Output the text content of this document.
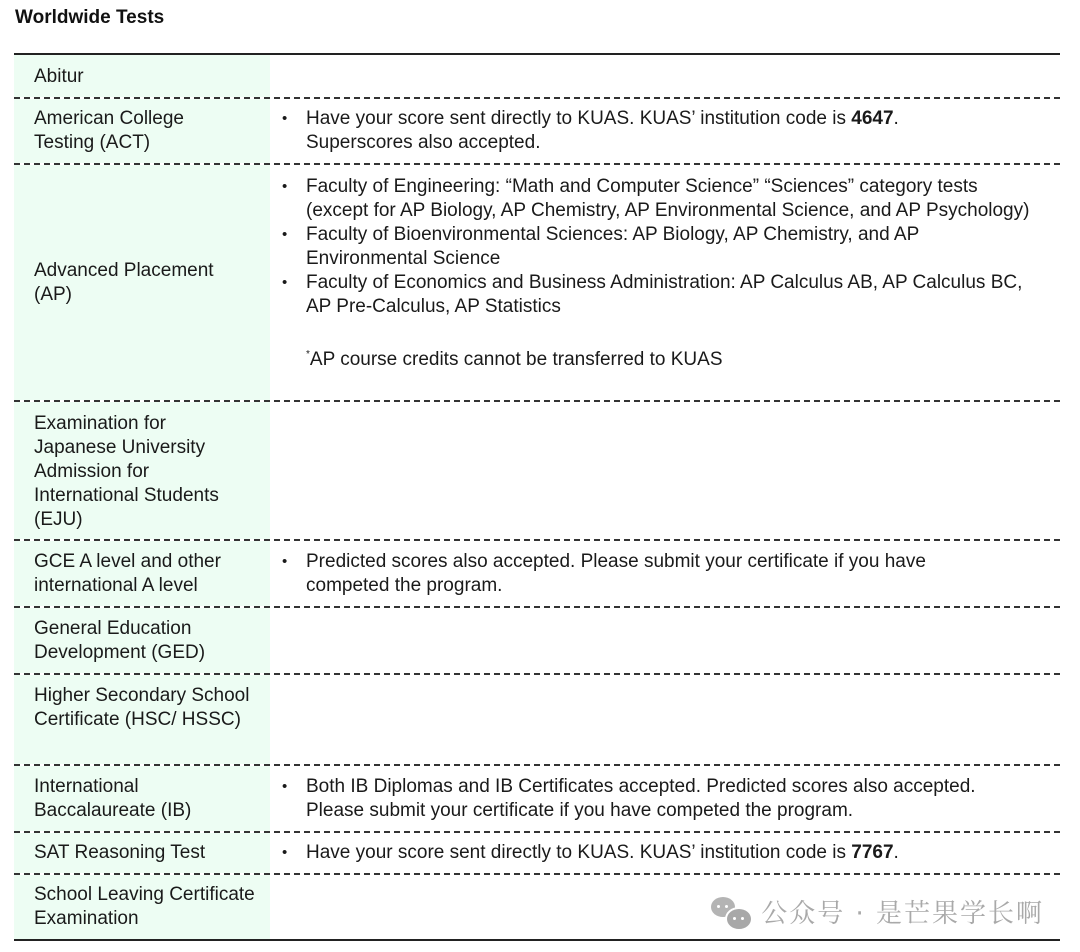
Worldwide Tests
Abitur
American College Testing (ACT)
• Have your score sent directly to KUAS. KUAS’ institution code is 4647. Superscores also accepted.
Advanced Placement (AP)
• Faculty of Engineering: “Math and Computer Science” “Sciences” category tests (except for AP Biology, AP Chemistry, AP Environmental Science, and AP Psychology)
• Faculty of Bioenvironmental Sciences: AP Biology, AP Chemistry, and AP Environmental Science
• Faculty of Economics and Business Administration: AP Calculus AB, AP Calculus BC, AP Pre-Calculus, AP Statistics
*AP course credits cannot be transferred to KUAS
Examination for Japanese University Admission for International Students (EJU)
GCE A level and other international A level
• Predicted scores also accepted. Please submit your certificate if you have competed the program.
General Education Development (GED)
Higher Secondary School Certificate (HSC/ HSSC)
International Baccalaureate (IB)
• Both IB Diplomas and IB Certificates accepted. Predicted scores also accepted. Please submit your certificate if you have competed the program.
SAT Reasoning Test	• Have your score sent directly to KUAS. KUAS’ institution code is 7767.
School Leaving Certificate Examination	公众号 · 是芒果学长啊
